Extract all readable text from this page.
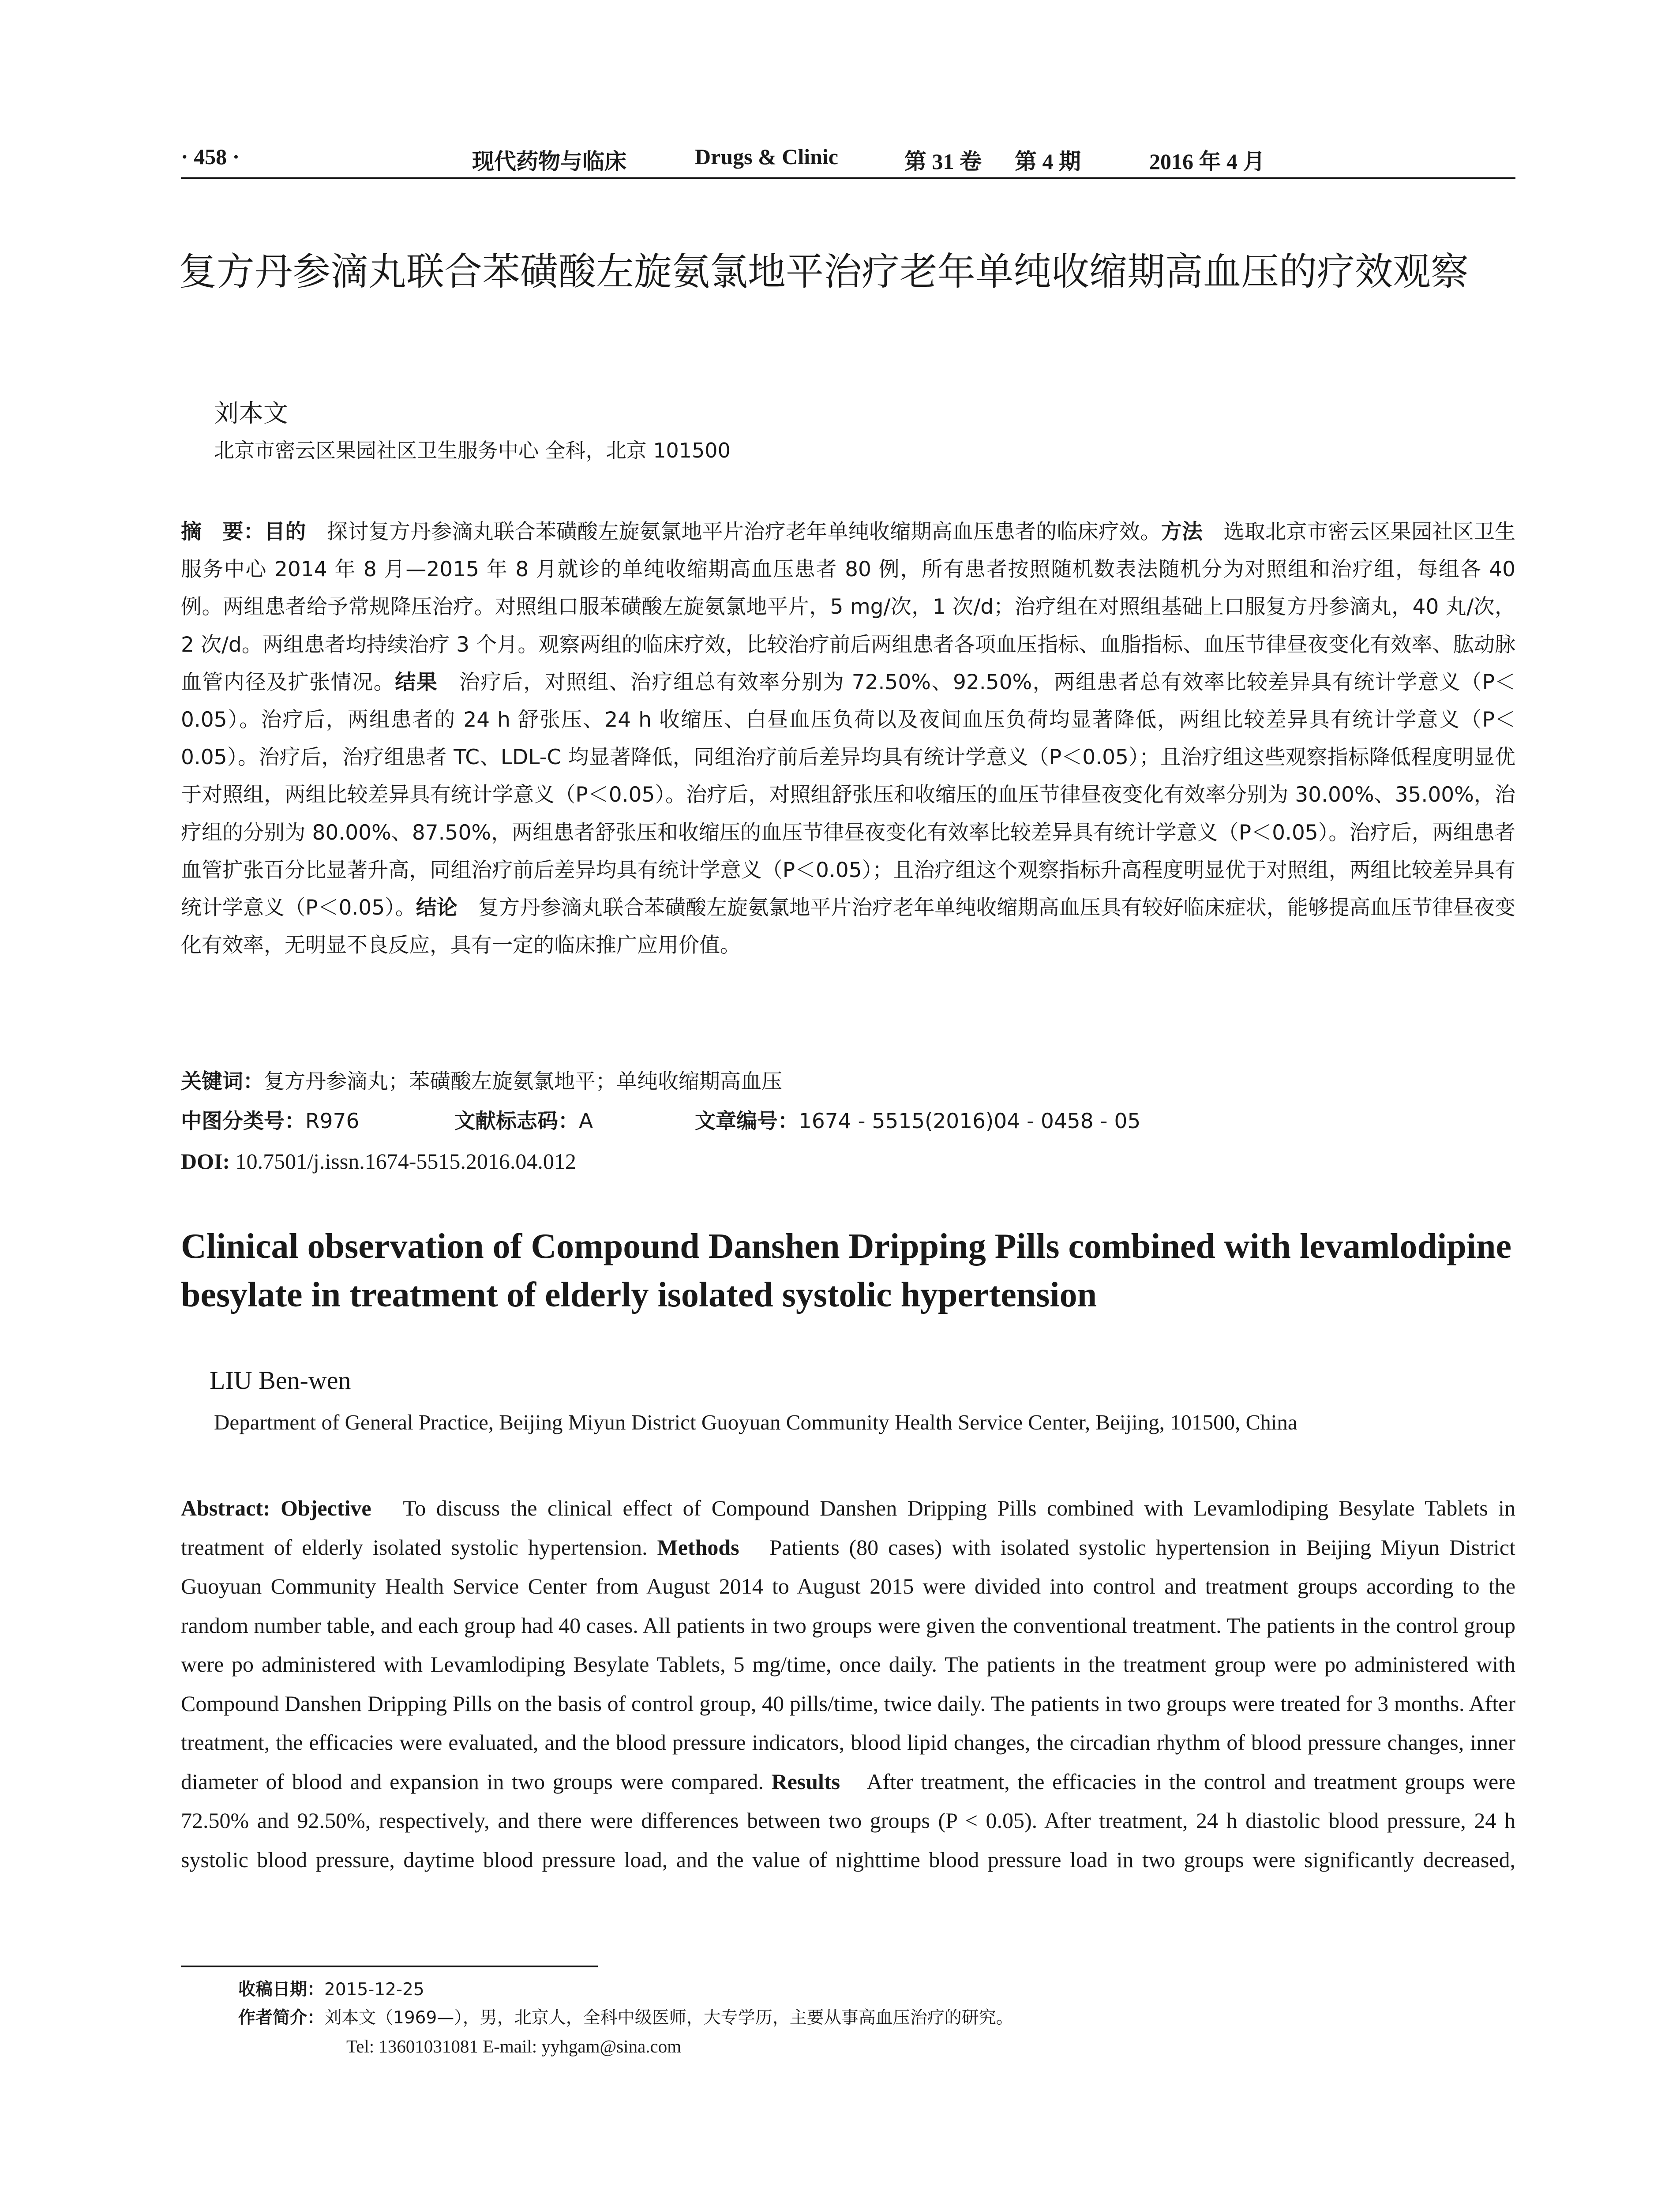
· 458 ·	现代药物与临床	Drugs & Clinic	第 31 卷 第 4 期	2016 年 4 月
复方丹参滴丸联合苯磺酸左旋氨氯地平治疗老年单纯收缩期高血压的疗效观察

刘本文

北京市密云区果园社区卫生服务中心 全科，北京 101500

摘　要：目的　探讨复方丹参滴丸联合苯磺酸左旋氨氯地平片治疗老年单纯收缩期高血压患者的临床疗效。方法　选取北京市密云区果园社区卫生服务中心 2014 年 8 月—2015 年 8 月就诊的单纯收缩期高血压患者 80 例，所有患者按照随机数表法随机分为对照组和治疗组，每组各 40 例。两组患者给予常规降压治疗。对照组口服苯磺酸左旋氨氯地平片，5 mg/次，1 次/d；治疗组在对照组基础上口服复方丹参滴丸，40 丸/次，2 次/d。两组患者均持续治疗 3 个月。观察两组的临床疗效，比较治疗前后两组患者各项血压指标、血脂指标、血压节律昼夜变化有效率、肱动脉血管内径及扩张情况。结果　治疗后，对照组、治疗组总有效率分别为 72.50%、92.50%，两组患者总有效率比较差异具有统计学意义（P＜0.05）。治疗后，两组患者的 24 h 舒张压、24 h 收缩压、白昼血压负荷以及夜间血压负荷均显著降低，两组比较差异具有统计学意义（P＜0.05）。治疗后，治疗组患者 TC、LDL-C 均显著降低，同组治疗前后差异均具有统计学意义（P＜0.05）；且治疗组这些观察指标降低程度明显优于对照组，两组比较差异具有统计学意义（P＜0.05）。治疗后，对照组舒张压和收缩压的血压节律昼夜变化有效率分别为 30.00%、35.00%，治疗组的分别为 80.00%、87.50%，两组患者舒张压和收缩压的血压节律昼夜变化有效率比较差异具有统计学意义（P＜0.05）。治疗后，两组患者血管扩张百分比显著升高，同组治疗前后差异均具有统计学意义（P＜0.05）；且治疗组这个观察指标升高程度明显优于对照组，两组比较差异具有统计学意义（P＜0.05）。结论　复方丹参滴丸联合苯磺酸左旋氨氯地平片治疗老年单纯收缩期高血压具有较好临床症状，能够提高血压节律昼夜变化有效率，无明显不良反应，具有一定的临床推广应用价值。

关键词：复方丹参滴丸；苯磺酸左旋氨氯地平；单纯收缩期高血压

中图分类号：R976	文献标志码：A	文章编号：1674 - 5515(2016)04 - 0458 - 05

DOI: 10.7501/j.issn.1674-5515.2016.04.012

Clinical observation of Compound Danshen Dripping Pills combined with levamlodipine besylate in treatment of elderly isolated systolic hypertension

LIU Ben-wen

Department of General Practice, Beijing Miyun District Guoyuan Community Health Service Center, Beijing, 101500, China

Abstract: Objective　To discuss the clinical effect of Compound Danshen Dripping Pills combined with Levamlodiping Besylate Tablets in treatment of elderly isolated systolic hypertension. Methods　Patients (80 cases) with isolated systolic hypertension in Beijing Miyun District Guoyuan Community Health Service Center from August 2014 to August 2015 were divided into control and treatment groups according to the random number table, and each group had 40 cases. All patients in two groups were given the conventional treatment. The patients in the control group were po administered with Levamlodiping Besylate Tablets, 5 mg/time, once daily. The patients in the treatment group were po administered with Compound Danshen Dripping Pills on the basis of control group, 40 pills/time, twice daily. The patients in two groups were treated for 3 months. After treatment, the efficacies were evaluated, and the blood pressure indicators, blood lipid changes, the circadian rhythm of blood pressure changes, inner diameter of blood and expansion in two groups were compared. Results　After treatment, the efficacies in the control and treatment groups were 72.50% and 92.50%, respectively, and there were differences between two groups (P < 0.05). After treatment, 24 h diastolic blood pressure, 24 h systolic blood pressure, daytime blood pressure load, and the value of nighttime blood pressure load in two groups were significantly decreased,

收稿日期：2015-12-25

作者简介：刘本文（1969—），男，北京人，全科中级医师，大专学历，主要从事高血压治疗的研究。

Tel: 13601031081 E-mail: yyhgam@sina.com
